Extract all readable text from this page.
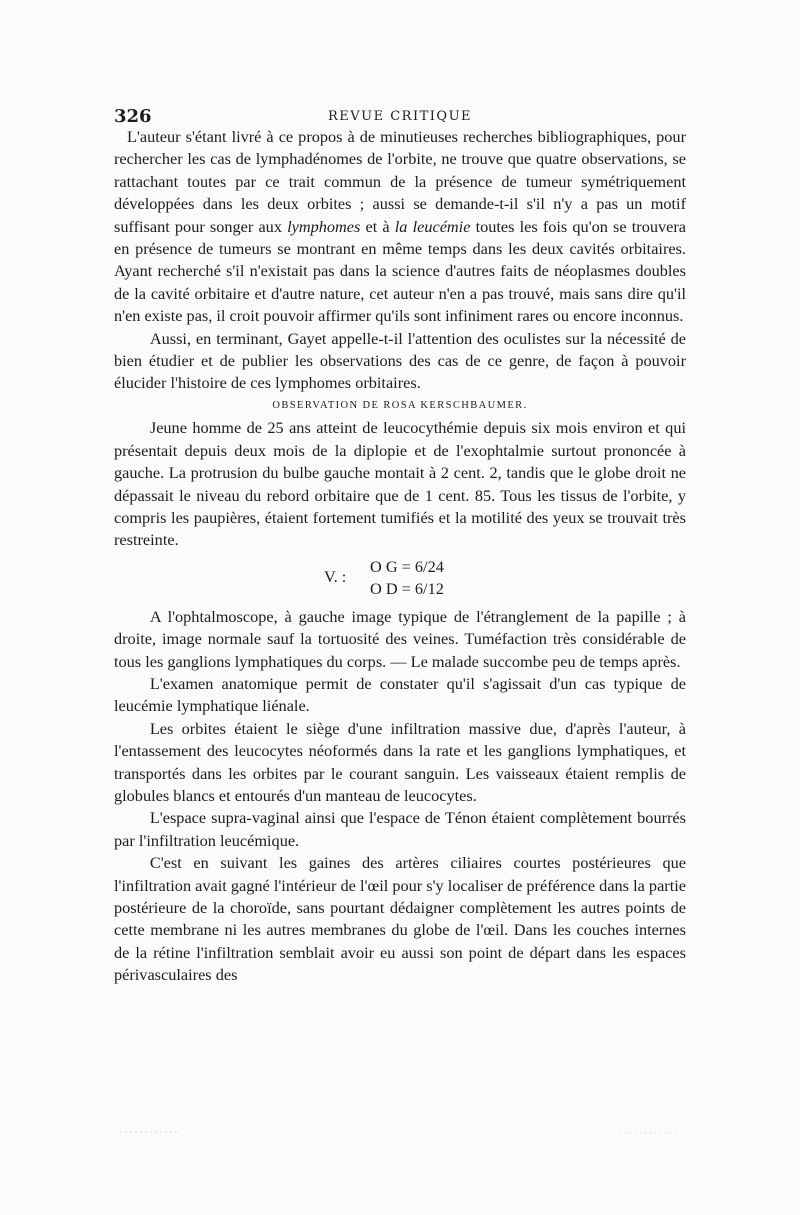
326	REVUE CRITIQUE

L'auteur s'étant livré à ce propos à de minutieuses recherches bibliographiques, pour rechercher les cas de lymphadénomes de l'orbite, ne trouve que quatre observations, se rattachant toutes par ce trait commun de la présence de tumeur symétriquement développées dans les deux orbites ; aussi se demande-t-il s'il n'y a pas un motif suffisant pour songer aux lymphomes et à la leucémie toutes les fois qu'on se trouvera en présence de tumeurs se montrant en même temps dans les deux cavités orbitaires. Ayant recherché s'il n'existait pas dans la science d'autres faits de néoplasmes doubles de la cavité orbitaire et d'autre nature, cet auteur n'en a pas trouvé, mais sans dire qu'il n'en existe pas, il croit pouvoir affirmer qu'ils sont infiniment rares ou encore inconnus.

Aussi, en terminant, Gayet appelle-t-il l'attention des oculistes sur la nécessité de bien étudier et de publier les observations des cas de ce genre, de façon à pouvoir élucider l'histoire de ces lymphomes orbitaires.

OBSERVATION DE ROSA KERSCHBAUMER.

Jeune homme de 25 ans atteint de leucocythémie depuis six mois environ et qui présentait depuis deux mois de la diplopie et de l'exophtalmie surtout prononcée à gauche. La protrusion du bulbe gauche montait à 2 cent. 2, tandis que le globe droit ne dépassait le niveau du rebord orbitaire que de 1 cent. 85. Tous les tissus de l'orbite, y compris les paupières, étaient fortement tumifiés et la motilité des yeux se trouvait très restreinte.

V. :
O G = 6/24
O D = 6/12

A l'ophtalmoscope, à gauche image typique de l'étranglement de la papille ; à droite, image normale sauf la tortuosité des veines. Tuméfaction très considérable de tous les ganglions lymphatiques du corps. — Le malade succombe peu de temps après.

L'examen anatomique permit de constater qu'il s'agissait d'un cas typique de leucémie lymphatique liénale.

Les orbites étaient le siège d'une infiltration massive due, d'après l'auteur, à l'entassement des leucocytes néoformés dans la rate et les ganglions lymphatiques, et transportés dans les orbites par le courant sanguin. Les vaisseaux étaient remplis de globules blancs et entourés d'un manteau de leucocytes.

L'espace supra-vaginal ainsi que l'espace de Ténon étaient complètement bourrés par l'infiltration leucémique.

C'est en suivant les gaines des artères ciliaires courtes postérieures que l'infiltration avait gagné l'intérieur de l'œil pour s'y localiser de préférence dans la partie postérieure de la choroïde, sans pourtant dédaigner complètement les autres points de cette membrane ni les autres membranes du globe de l'œil. Dans les couches internes de la rétine l'infiltration semblait avoir eu aussi son point de départ dans les espaces périvasculaires des
